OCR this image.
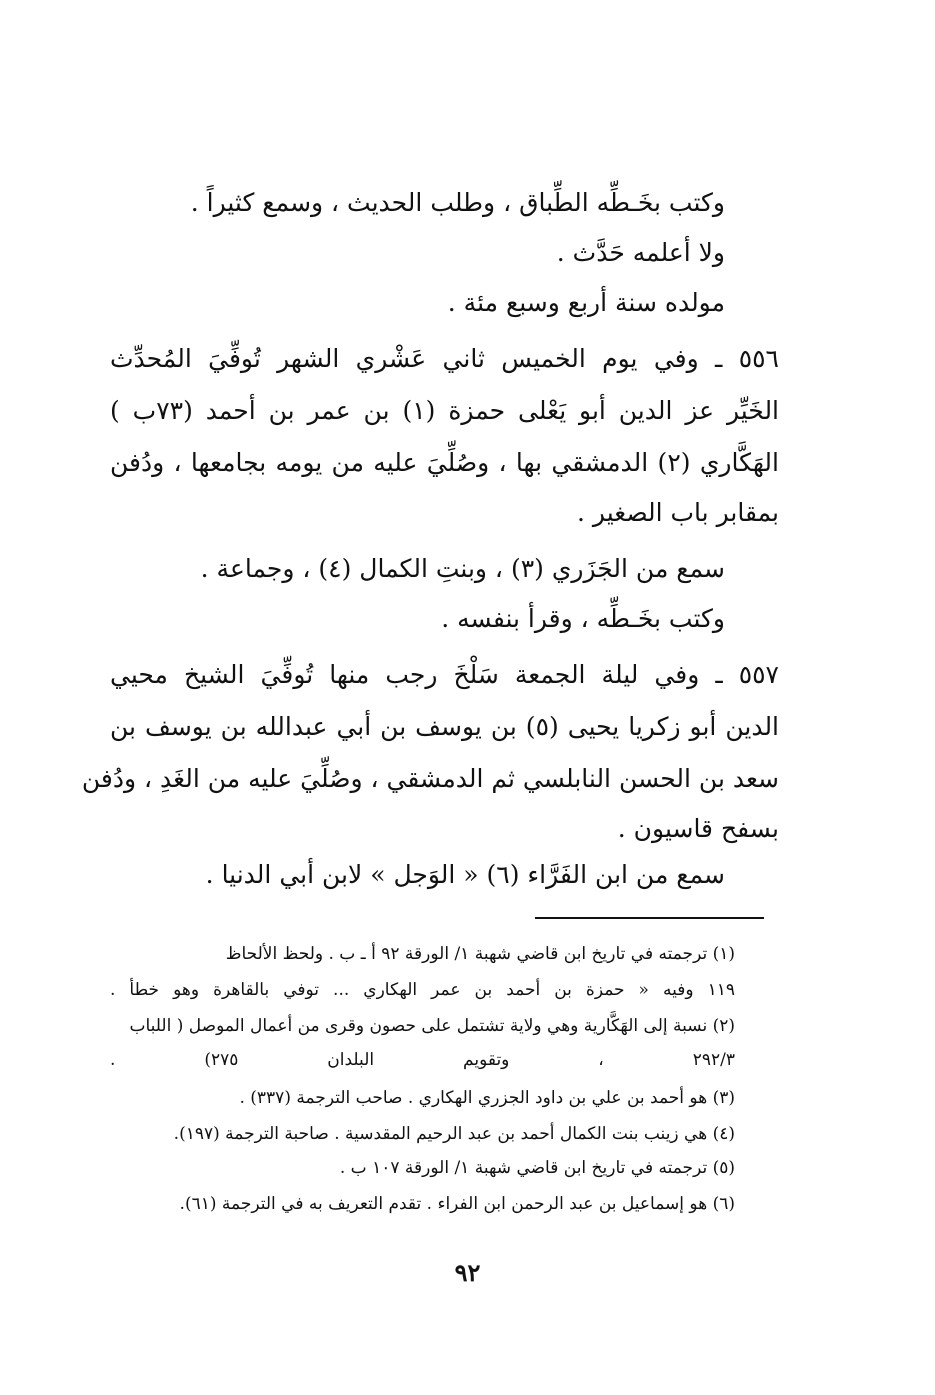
وكتب بخَـطِّه الطِّباق ، وطلب الحديث ، وسمع كثيراً .
ولا أعلمه حَدَّث .
مولده سنة أربع وسبع مئة .
٥٥٦ ـ وفي يوم الخميس ثاني عَشْري الشهر تُوفِّيَ المُحدِّث
الخَيِّر عز الدين أبو يَعْلى حمزة (١) بن عمر بن أحمد (٧٣ب )
الهَكَّاري (٢) الدمشقي بها ، وصُلِّيَ عليه من يومه بجامعها ، ودُفن
بمقابر باب الصغير .
سمع من الجَزَري (٣) ، وبنتِ الكمال (٤) ، وجماعة .
وكتب بخَـطِّه ، وقرأ بنفسه .
٥٥٧ ـ وفي ليلة الجمعة سَلْخَ رجب منها تُوفِّيَ الشيخ محيي
الدين أبو زكريا يحيى (٥) بن يوسف بن أبي عبدالله بن يوسف بن
سعد بن الحسن النابلسي ثم الدمشقي ، وصُلِّيَ عليه من الغَدِ ، ودُفن
بسفح قاسيون .
سمع من ابن الفَرَّاء (٦) « الوَجل » لابن أبي الدنيا .
(١) ترجمته في تاريخ ابن قاضي شهبة ١/ الورقة ٩٢ أ ـ ب . ولحظ الألحاظ
١١٩ وفيه « حمزة بن أحمد بن عمر الهكاري ... توفي بالقاهرة وهو خطأ .
(٢) نسبة إلى الهَكَّارية وهي ولاية تشتمل على حصون وقرى من أعمال الموصل ( اللباب
٢٩٢/٣ ، وتقويم البلدان ٢٧٥) .
(٣) هو أحمد بن علي بن داود الجزري الهكاري . صاحب الترجمة (٣٣٧) .
(٤) هي زينب بنت الكمال أحمد بن عبد الرحيم المقدسية . صاحبة الترجمة (١٩٧).
(٥) ترجمته في تاريخ ابن قاضي شهبة ١/ الورقة ١٠٧ ب .
(٦) هو إسماعيل بن عبد الرحمن ابن الفراء . تقدم التعريف به في الترجمة (٦١).
٩٢
